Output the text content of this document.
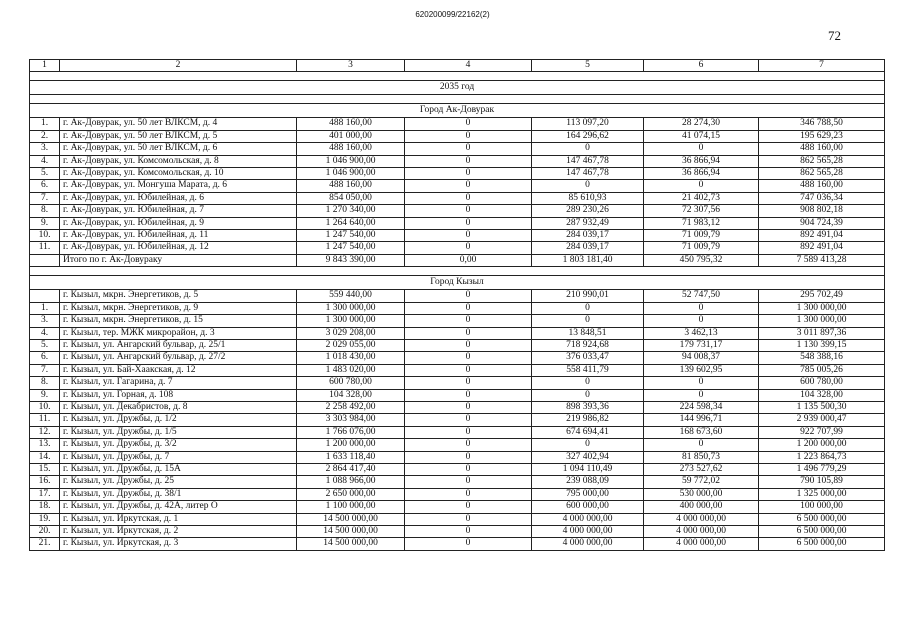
620200099/22162(2)
72
1	2	3	4	5	6	7

2035 год						

Город Ак-Довурак						
1.	г. Ак-Довурак, ул. 50 лет ВЛКСМ, д. 4	488 160,00	0	113 097,20	28 274,30	346 788,50
2.	г. Ак-Довурак, ул. 50 лет ВЛКСМ, д. 5	401 000,00	0	164 296,62	41 074,15	195 629,23
3.	г. Ак-Довурак, ул. 50 лет ВЛКСМ, д. 6	488 160,00	0	0	0	488 160,00
4.	г. Ак-Довурак, ул. Комсомольская, д. 8	1 046 900,00	0	147 467,78	36 866,94	862 565,28
5.	г. Ак-Довурак, ул. Комсомольская, д. 10	1 046 900,00	0	147 467,78	36 866,94	862 565,28
6.	г. Ак-Довурак, ул. Монгуша Марата, д. 6	488 160,00	0	0	0	488 160,00
7.	г. Ак-Довурак, ул. Юбилейная, д. 6	854 050,00	0	85 610,93	21 402,73	747 036,34
8.	г. Ак-Довурак, ул. Юбилейная, д. 7	1 270 340,00	0	289 230,26	72 307,56	908 802,18
9.	г. Ак-Довурак, ул. Юбилейная, д. 9	1 264 640,00	0	287 932,49	71 983,12	904 724,39
10.	г. Ак-Довурак, ул. Юбилейная, д. 11	1 247 540,00	0	284 039,17	71 009,79	892 491,04
11.	г. Ак-Довурак, ул. Юбилейная, д. 12	1 247 540,00	0	284 039,17	71 009,79	892 491,04
	Итого по г. Ак-Довураку	9 843 390,00	0,00	1 803 181,40	450 795,32	7 589 413,28

Город Кызыл						
	г. Кызыл, мкрн. Энергетиков, д. 5	559 440,00	0	210 990,01	52 747,50	295 702,49
1.	г. Кызыл, мкрн. Энергетиков, д. 9	1 300 000,00	0	0	0	1 300 000,00
3.	г. Кызыл, мкрн. Энергетиков, д. 15	1 300 000,00	0	0	0	1 300 000,00
4.	г. Кызыл, тер. МЖК микрорайон, д. 3	3 029 208,00	0	13 848,51	3 462,13	3 011 897,36
5.	г. Кызыл, ул. Ангарский бульвар, д. 25/1	2 029 055,00	0	718 924,68	179 731,17	1 130 399,15
6.	г. Кызыл, ул. Ангарский бульвар, д. 27/2	1 018 430,00	0	376 033,47	94 008,37	548 388,16
7.	г. Кызыл, ул. Бай-Хаакская, д. 12	1 483 020,00	0	558 411,79	139 602,95	785 005,26
8.	г. Кызыл, ул. Гагарина, д. 7	600 780,00	0	0	0	600 780,00
9.	г. Кызыл, ул. Горная, д. 108	104 328,00	0	0	0	104 328,00
10.	г. Кызыл, ул. Декабристов, д. 8	2 258 492,00	0	898 393,36	224 598,34	1 135 500,30
11.	г. Кызыл, ул. Дружбы, д. 1/2	3 303 984,00	0	219 986,82	144 996,71	2 939 000,47
12.	г. Кызыл, ул. Дружбы, д. 1/5	1 766 076,00	0	674 694,41	168 673,60	922 707,99
13.	г. Кызыл, ул. Дружбы, д. 3/2	1 200 000,00	0	0	0	1 200 000,00
14.	г. Кызыл, ул. Дружбы, д. 7	1 633 118,40	0	327 402,94	81 850,73	1 223 864,73
15.	г. Кызыл, ул. Дружбы, д. 15А	2 864 417,40	0	1 094 110,49	273 527,62	1 496 779,29
16.	г. Кызыл, ул. Дружбы, д. 25	1 088 966,00	0	239 088,09	59 772,02	790 105,89
17.	г. Кызыл, ул. Дружбы, д. 38/1	2 650 000,00	0	795 000,00	530 000,00	1 325 000,00
18.	г. Кызыл, ул. Дружбы, д. 42А, литер О	1 100 000,00	0	600 000,00	400 000,00	100 000,00
19.	г. Кызыл, ул. Иркутская, д. 1	14 500 000,00	0	4 000 000,00	4 000 000,00	6 500 000,00
20.	г. Кызыл, ул. Иркутская, д. 2	14 500 000,00	0	4 000 000,00	4 000 000,00	6 500 000,00
21.	г. Кызыл, ул. Иркутская, д. 3	14 500 000,00	0	4 000 000,00	4 000 000,00	6 500 000,00
